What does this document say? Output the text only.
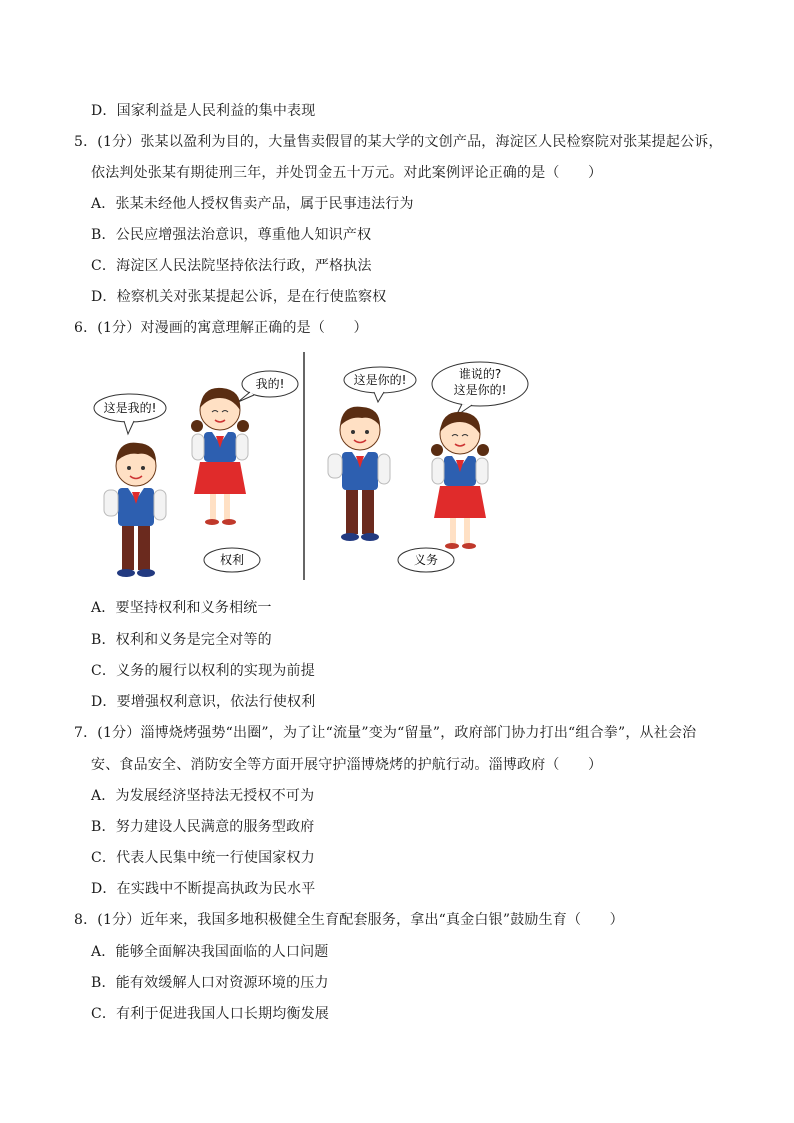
D．国家利益是人民利益的集中表现
5．(1分）张某以盈利为目的，大量售卖假冒的某大学的文创产品，海淀区人民检察院对张某提起公诉，
依法判处张某有期徒刑三年，并处罚金五十万元。对此案例评论正确的是（　　）
A．张某未经他人授权售卖产品，属于民事违法行为
B．公民应增强法治意识，尊重他人知识产权
C．海淀区人民法院坚持依法行政，严格执法
D．检察机关对张某提起公诉，是在行使监察权
6．(1分）对漫画的寓意理解正确的是（　　）
这是我的!
我的!
权利
这是你的!	谁说的?
这是你的!
义务
A．要坚持权利和义务相统一
B．权利和义务是完全对等的
C．义务的履行以权利的实现为前提
D．要增强权利意识，依法行使权利
7．(1分）淄博烧烤强势“出圈”，为了让“流量”变为“留量”，政府部门协力打出“组合拳”，从社会治
安、食品安全、消防安全等方面开展守护淄博烧烤的护航行动。淄博政府（　　）
A．为发展经济坚持法无授权不可为
B．努力建设人民满意的服务型政府
C．代表人民集中统一行使国家权力
D．在实践中不断提高执政为民水平
8．(1分）近年来，我国多地积极健全生育配套服务，拿出“真金白银”鼓励生育（　　）
A．能够全面解决我国面临的人口问题
B．能有效缓解人口对资源环境的压力
C．有利于促进我国人口长期均衡发展
